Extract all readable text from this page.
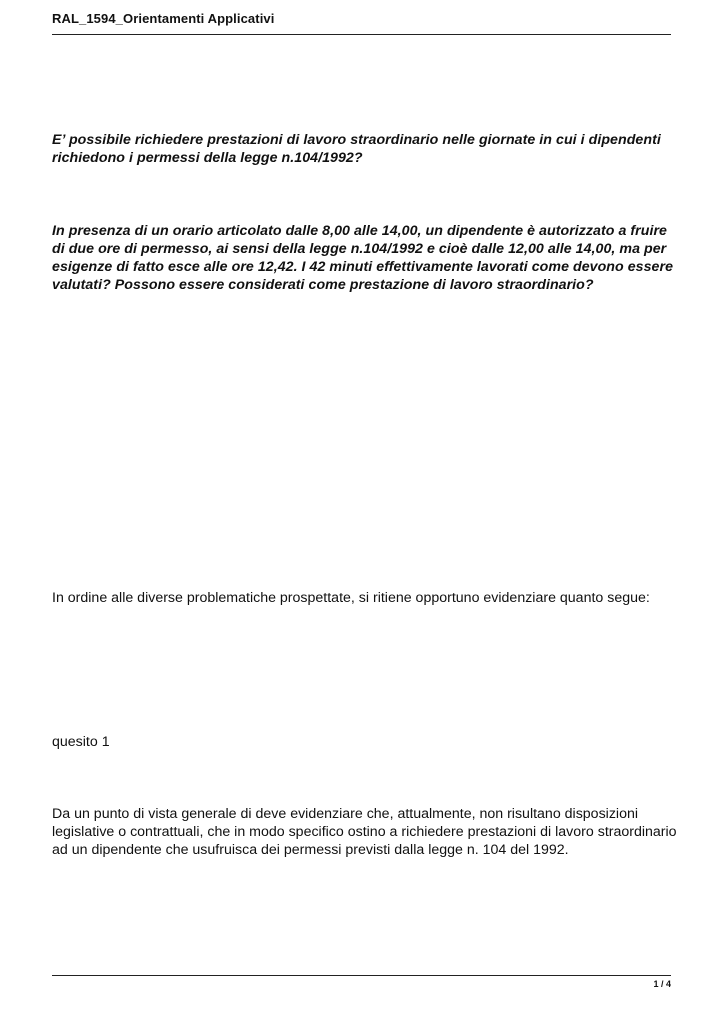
RAL_1594_Orientamenti Applicativi
E’ possibile richiedere prestazioni di lavoro straordinario nelle giornate in cui i dipendenti richiedono i permessi della legge n.104/1992?
In presenza di un orario articolato dalle 8,00 alle 14,00, un dipendente è autorizzato a fruire di due ore di permesso, ai sensi della legge n.104/1992 e cioè dalle 12,00 alle 14,00, ma per esigenze di fatto esce alle ore 12,42. I 42 minuti effettivamente lavorati come devono essere valutati? Possono essere considerati come prestazione di lavoro straordinario?
In ordine alle diverse problematiche prospettate, si ritiene opportuno evidenziare quanto segue:
quesito 1
Da un punto di vista generale di deve evidenziare che, attualmente, non risultano disposizioni legislative o contrattuali, che in modo specifico ostino a richiedere prestazioni di lavoro straordinario ad un dipendente che usufruisca dei permessi previsti dalla legge n. 104 del 1992.
1 / 4
